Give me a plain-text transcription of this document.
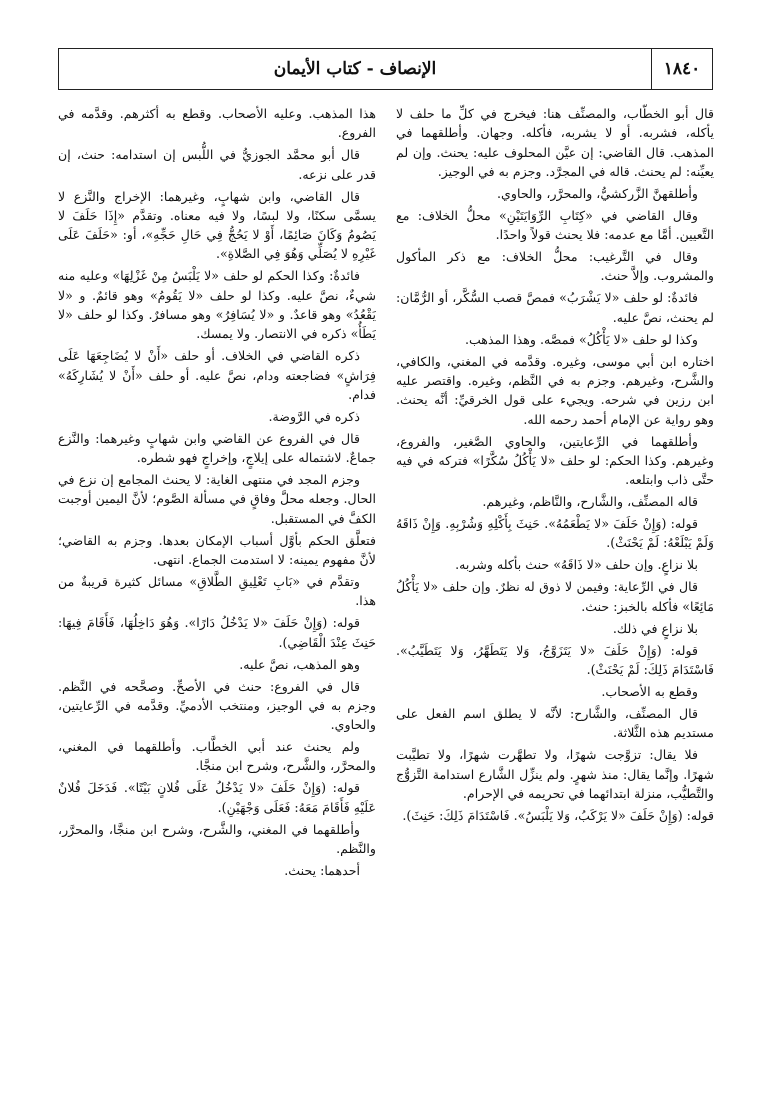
١٨٤٠
الإنصاف - كتاب الأيمان

قال أبو الخطَّاب، والمصنِّف هنا: فيخرج في كلِّ ما حلف لا يأكله، فشربه. أو لا يشربه، فأكله. وجهان. وأطلقهما في المذهب. قال القاضي: إن عيَّن المحلوف عليه: يحنث. وإن لم يعيِّنه: لم يحنث. قاله في المجرَّد. وجزم به في الوجيز.

وأطلقهنَّ الزَّركشيُّ، والمحرَّر، والحاوي.

وقال القاضي في «كِتَابِ الرِّوَايَتَيْنِ» محلُّ الخلاف: مع التَّعيين. أمَّا مع عدمه: فلا يحنث قولاً واحدًا.

وقال في التَّرغيب: محلُّ الخلاف: مع ذكر المأكول والمشروب. وإلاَّ حنث.

فائدةٌ: لو حلف «لا يَشْرَبُ» فمصَّ قصب السُّكَّر، أو الرُّمَّان: لم يحنث، نصَّ عليه.

وكذا لو حلف «لا يَأْكُلُ» فمصَّه. وهذا المذهب.

اختاره ابن أبي موسى، وغيره. وقدَّمه في المغني، والكافي، والشَّرح، وغيرهم. وجزم به في النَّظم، وغيره. واقتصر عليه ابن رزين في شرحه. ويجيء على قول الخرقيِّ: أنَّه يحنث. وهو رواية عن الإمام أحمد رحمه الله.

وأطلقهما في الرِّعايتين، والحاوي الصَّغير، والفروع، وغيرهم. وكذا الحكم: لو حلف «لا يَأْكُلُ سُكَّرًا» فتركه في فيه حتَّى ذاب وابتلعه.

قاله المصنِّف، والشَّارح، والنَّاظم، وغيرهم.

قوله: (وَإِنْ حَلَفَ «لا يَطْعَمُهُ». حَنِثَ بِأَكْلِهِ وَشُرْبِهِ. وَإِنْ ذَاقَهُ وَلَمْ يَبْلَعْهُ: لَمْ يَحْنَثْ).

بلا نزاعٍ. وإن حلف «لا ذَاقَهُ» حنث بأكله وشربه.

قال في الرِّعاية: وفيمن لا ذوق له نظرٌ. وإن حلف «لا يَأْكُلُ مَائِعًا» فأكله بالخبز: حنث.

بلا نزاعٍ في ذلك.

قوله: (وَإِنْ حَلَفَ «لا يَتَزَوَّجُ، وَلا يَتَطَهَّرُ، وَلا يَتَطَيَّبُ». فَاسْتَدَامَ ذَلِكَ: لَمْ يَحْنَثْ).

وقطع به الأصحاب.

قال المصنِّف، والشَّارح: لأنَّه لا يطلق اسم الفعل على مستديم هذه الثَّلاثة.

فلا يقال: تزوَّجت شهرًا، ولا تطهَّرت شهرًا، ولا تطيَّبت شهرًا. وإنَّما يقال: منذ شهرٍ. ولم ينزِّل الشَّارع استدامة التَّزوُّج والتَّطيُّب، منزلة ابتدائهما في تحريمه في الإحرام.

قوله: (وَإِنْ حَلَفَ «لا يَرْكَبُ، وَلا يَلْبَسُ». فَاسْتَدَامَ ذَلِكَ: حَنِثَ).

هذا المذهب. وعليه الأصحاب. وقطع به أكثرهم. وقدَّمه في الفروع.

قال أبو محمَّد الجوزيُّ في اللُّبس إن استدامه: حنث، إن قدر على نزعه.

قال القاضي، وابن شهابٍ، وغيرهما: الإخراج والنَّزع لا يسمَّى سكنًا، ولا لبسًا، ولا فيه معناه. وتقدَّم «إِذَا حَلَفَ لا يَصُومُ وَكَانَ صَائِمًا، أَوْ لا يَحُجُّ فِي حَالِ حَجِّهِ»، أو: «حَلَفَ عَلَى غَيْرِهِ لا يُصَلِّي وَهُوَ فِي الصَّلاةِ».

فائدةٌ: وكذا الحكم لو حلف «لا يَلْبَسُ مِنْ غَزْلِهَا» وعليه منه شيءٌ، نصَّ عليه. وكذا لو حلف «لا يَقُومُ» وهو قائمٌ. و «لا يَقْعُدُ» وهو قاعدٌ. و «لا يُسَافِرُ» وهو مسافرٌ. وكذا لو حلف «لا يَطَأُ» ذكره في الانتصار. ولا يمسك.

ذكره القاضي في الخلاف. أو حلف «أَنْ لا يُضَاجِعَهَا عَلَى فِرَاشٍ» فضاجعته ودام، نصَّ عليه. أو حلف «أَنْ لا يُشَارِكَهُ» فدام.

ذكره في الرَّوضة.

قال في الفروع عن القاضي وابن شهابٍ وغيرهما: والنَّزع جماعٌ. لاشتماله على إيلاجٍ، وإخراجٍ فهو شطره.

وجزم المجد في منتهى الغاية: لا يحنث المجامع إن نزع في الحال. وجعله محلَّ وفاقٍ في مسألة الصَّوم؛ لأنَّ اليمين أوجبت الكفَّ في المستقبل.

فتعلَّق الحكم بأوَّل أسباب الإمكان بعدها. وجزم به القاضي؛ لأنَّ مفهوم يمينه: لا استدمت الجماع. انتهى.

وتقدَّم في «بَابِ تَعْلِيقِ الطَّلاقِ» مسائل كثيرة قريبةٌ من هذا.

قوله: (وَإِنْ حَلَفَ «لا يَدْخُلُ دَارًا». وَهُوَ دَاخِلُهَا، فَأَقَامَ فِيهَا: حَنِثَ عِنْدَ الْقَاضِي).

وهو المذهب، نصَّ عليه.

قال في الفروع: حنث في الأصحِّ. وصحَّحه في النَّظم. وجزم به في الوجيز، ومنتخب الأدميِّ. وقدَّمه في الرِّعايتين، والحاوي.

ولم يحنث عند أبي الخطَّاب. وأطلقهما في المغني، والمحرَّر، والشَّرح، وشرح ابن منجَّا.

قوله: (وَإِنْ حَلَفَ «لا يَدْخُلُ عَلَى فُلانٍ بَيْتًا». فَدَخَلَ فُلانٌ عَلَيْهِ فَأَقَامَ مَعَهُ: فَعَلَى وَجْهَيْنِ).

وأطلقهما في المغني، والشَّرح، وشرح ابن منجَّا، والمحرَّر، والنَّظم.

أحدهما: يحنث.
